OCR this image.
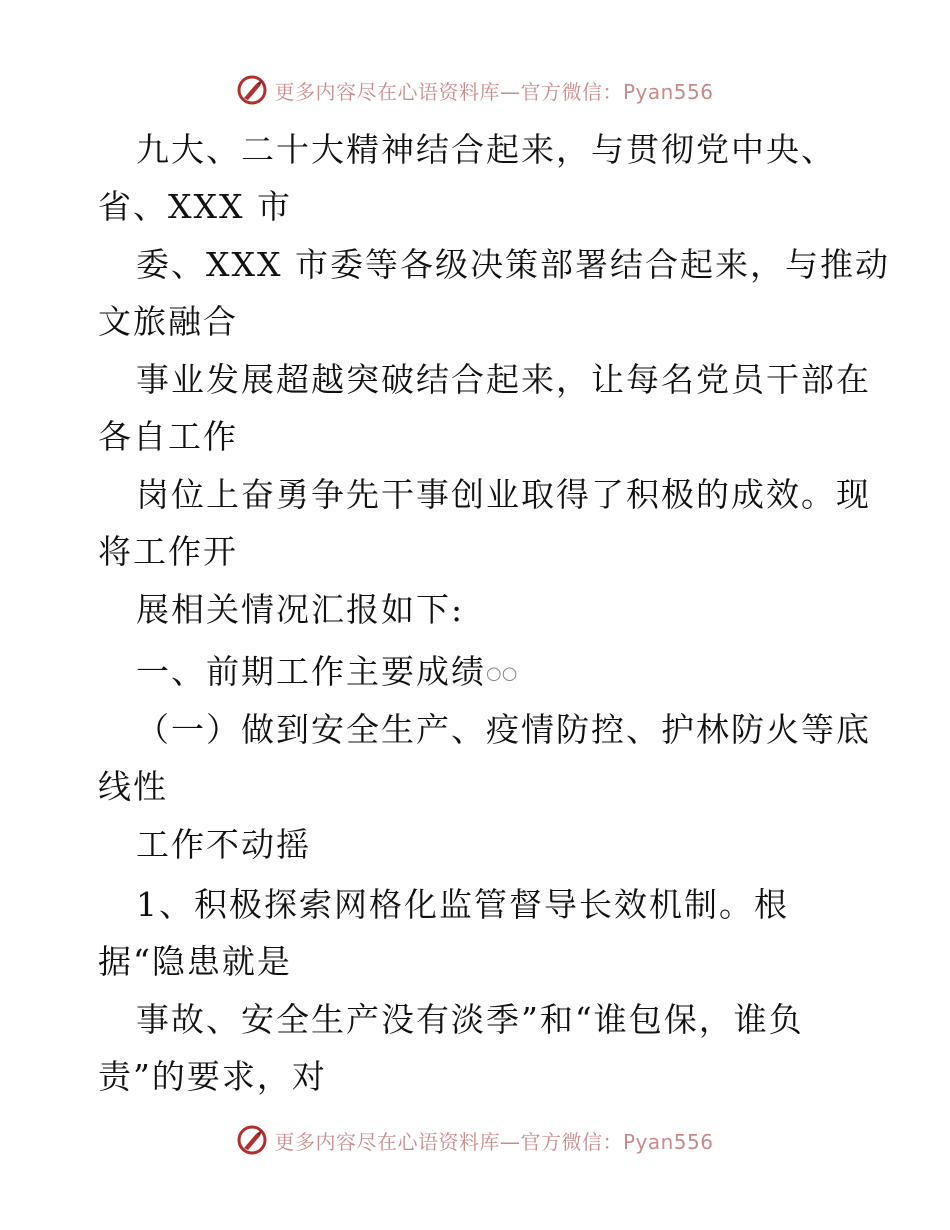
更多内容尽在心语资料库—官方微信：Pyan556
九大、二十大精神结合起来，与贯彻党中央、
省、XXX 市
委、XXX 市委等各级决策部署结合起来，与推动
文旅融合
事业发展超越突破结合起来，让每名党员干部在
各自工作
岗位上奋勇争先干事创业取得了积极的成效。现
将工作开
展相关情况汇报如下:
一、前期工作主要成绩○○
（一）做到安全生产、疫情防控、护林防火等底
线性
工作不动摇
1、积极探索网格化监管督导长效机制。根
据“隐患就是
事故、安全生产没有淡季”和“谁包保，谁负
责”的要求，对
更多内容尽在心语资料库—官方微信：Pyan556
